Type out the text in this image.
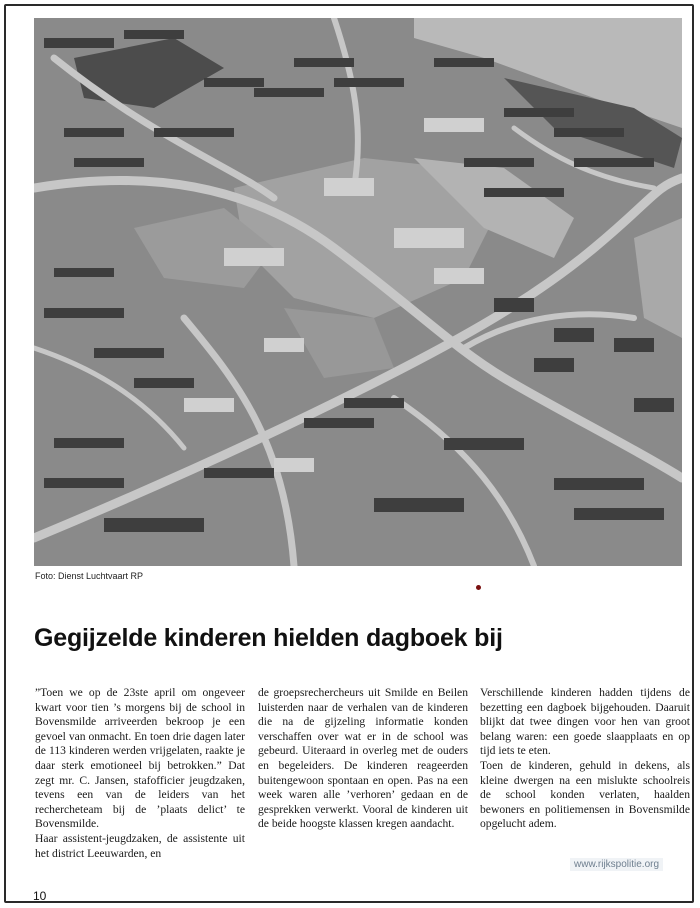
Foto: Dienst Luchtvaart RP
Gegijzelde kinderen hielden dagboek bij

”Toen we op de 23ste april om ongeveer kwart voor tien ’s morgens bij de school in Bovensmilde arriveerden bekroop je een gevoel van onmacht. En toen drie dagen later de 113 kinderen werden vrijgelaten, raakte je daar sterk emotioneel bij betrokken.” Dat zegt mr. C. Jansen, stafofficier jeugdzaken, tevens een van de leiders van het rechercheteam bij de ’plaats delict’ te Bovensmilde.

Haar assistent-jeugdzaken, de assistente uit het district Leeuwarden, en

de groepsrechercheurs uit Smilde en Beilen luisterden naar de verhalen van de kinderen die na de gijzeling informatie konden verschaffen over wat er in de school was gebeurd. Uiteraard in overleg met de ouders en begeleiders. De kinderen reageerden buitengewoon spontaan en open. Pas na een week waren alle ’verhoren’ gedaan en de gesprekken verwerkt. Vooral de kinderen uit de beide hoogste klassen kregen aandacht.

Verschillende kinderen hadden tijdens de bezetting een dagboek bijgehouden. Daaruit blijkt dat twee dingen voor hen van groot belang waren: een goede slaapplaats en op tijd iets te eten.

Toen de kinderen, gehuld in dekens, als kleine dwergen na een mislukte schoolreis de school konden verlaten, haalden bewoners en politiemensen in Bovensmilde opgelucht adem.

www.rijkspolitie.org
10
